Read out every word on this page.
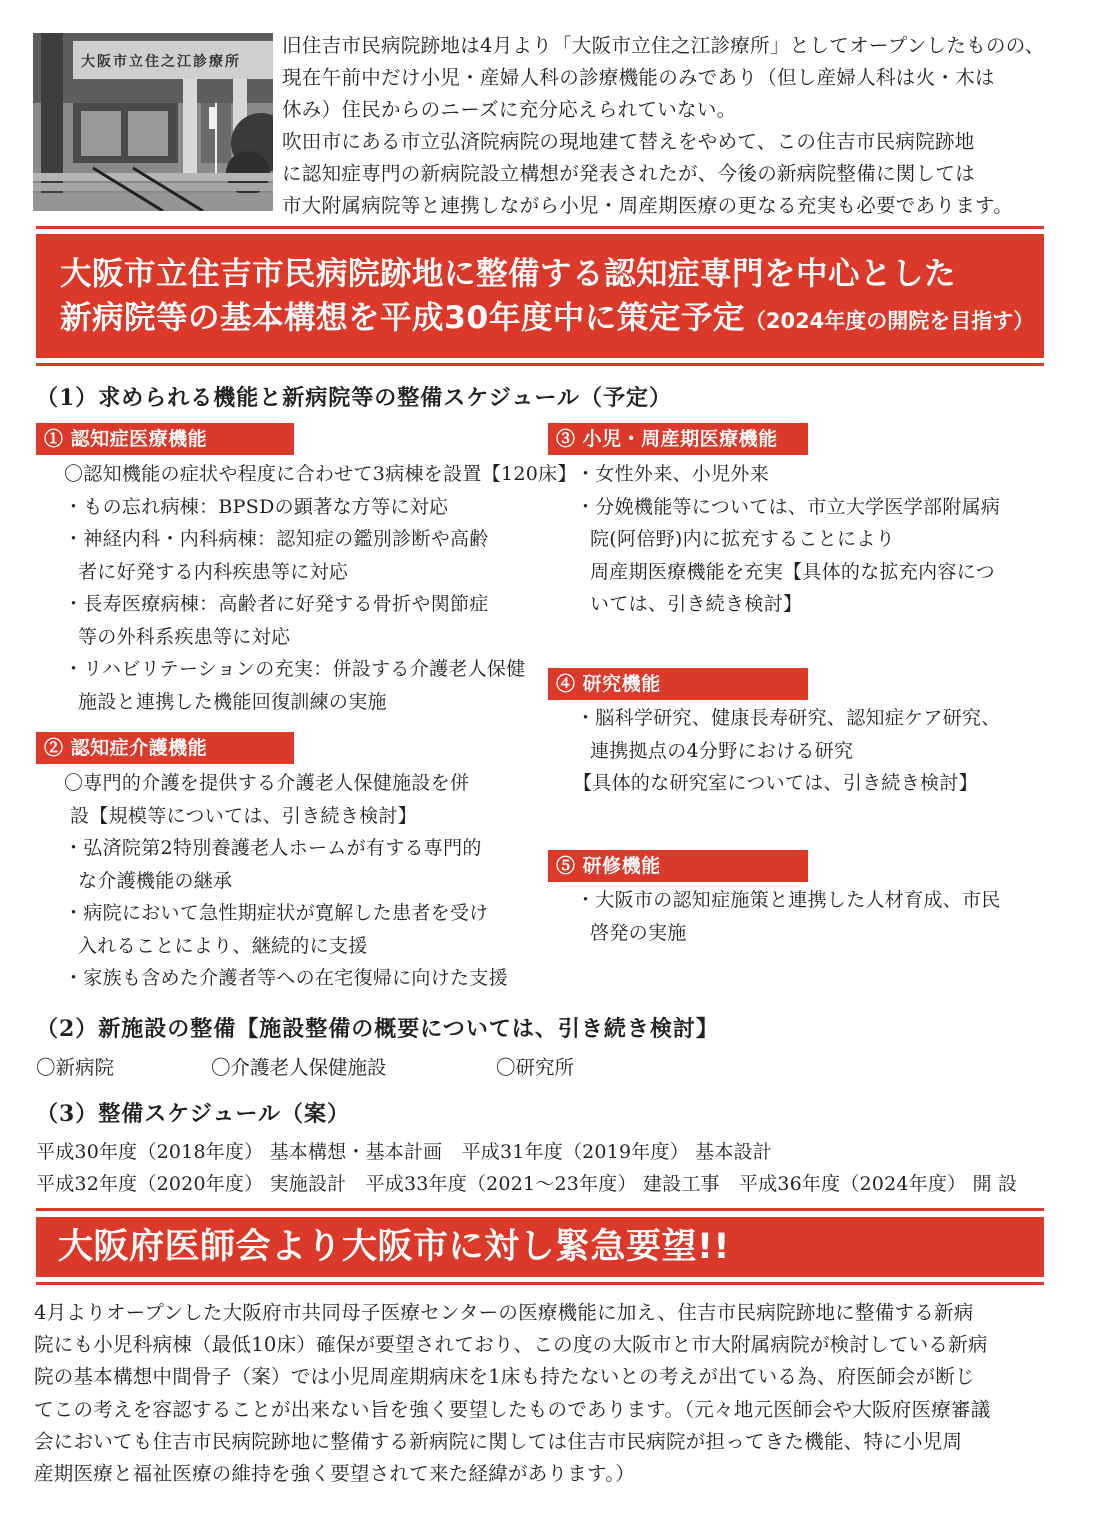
大阪市立住之江診療所

旧住吉市民病院跡地は4月より「大阪市立住之江診療所」としてオープンしたものの、

現在午前中だけ小児・産婦人科の診療機能のみであり（但し産婦人科は火・木は

休み）住民からのニーズに充分応えられていない。

吹田市にある市立弘済院病院の現地建て替えをやめて、この住吉市民病院跡地

に認知症専門の新病院設立構想が発表されたが、今後の新病院整備に関しては

市大附属病院等と連携しながら小児・周産期医療の更なる充実も必要であります。

大阪市立住吉市民病院跡地に整備する認知症専門を中心とした
新病院等の基本構想を平成30年度中に策定予定（2024年度の開院を目指す）
（1）求められる機能と新病院等の整備スケジュール（予定）
① 認知症医療機能
〇認知機能の症状や程度に合わせて3病棟を設置【120床】
・もの忘れ病棟：BPSDの顕著な方等に対応
・神経内科・内科病棟：認知症の鑑別診断や高齢
者に好発する内科疾患等に対応
・長寿医療病棟：高齢者に好発する骨折や関節症
等の外科系疾患等に対応
・リハビリテーションの充実：併設する介護老人保健
施設と連携した機能回復訓練の実施
② 認知症介護機能
〇専門的介護を提供する介護老人保健施設を併
設【規模等については、引き続き検討】
・弘済院第2特別養護老人ホームが有する専門的
な介護機能の継承
・病院において急性期症状が寛解した患者を受け
入れることにより、継続的に支援
・家族も含めた介護者等への在宅復帰に向けた支援
③ 小児・周産期医療機能
・女性外来、小児外来
・分娩機能等については、市立大学医学部附属病
院(阿倍野)内に拡充することにより
周産期医療機能を充実【具体的な拡充内容につ
いては、引き続き検討】
④ 研究機能
・脳科学研究、健康長寿研究、認知症ケア研究、
連携拠点の4分野における研究
【具体的な研究室については、引き続き検討】
⑤ 研修機能
・大阪市の認知症施策と連携した人材育成、市民
啓発の実施
（2）新施設の整備【施設整備の概要については、引き続き検討】
〇新病院	〇介護老人保健施設	〇研究所
（3）整備スケジュール（案）
平成30年度（2018年度） 基本構想・基本計画　平成31年度（2019年度） 基本設計
平成32年度（2020年度） 実施設計　平成33年度（2021～23年度） 建設工事　平成36年度（2024年度） 開 設
大阪府医師会より大阪市に対し緊急要望!!
4月よりオープンした大阪府市共同母子医療センターの医療機能に加え、住吉市民病院跡地に整備する新病
院にも小児科病棟（最低10床）確保が要望されており、この度の大阪市と市大附属病院が検討している新病
院の基本構想中間骨子（案）では小児周産期病床を1床も持たないとの考えが出ている為、府医師会が断じ
てこの考えを容認することが出来ない旨を強く要望したものであります。（元々地元医師会や大阪府医療審議
会においても住吉市民病院跡地に整備する新病院に関しては住吉市民病院が担ってきた機能、特に小児周
産期医療と福祉医療の維持を強く要望されて来た経緯があります。）
